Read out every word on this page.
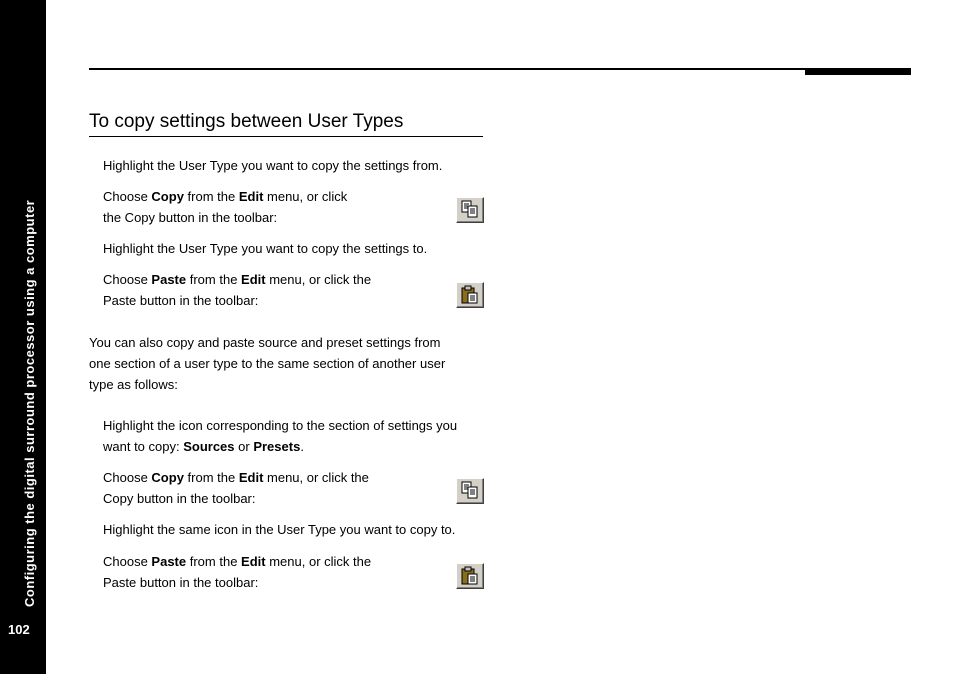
Configuring the digital surround processor using a computer
102
To copy settings between User Types
Highlight the User Type you want to copy the settings from.
Choose Copy from the Edit menu, or click
the Copy button in the toolbar:
Highlight the User Type you want to copy the settings to.
Choose Paste from the Edit menu, or click the
Paste button in the toolbar:
You can also copy and paste source and preset settings from
one section of a user type to the same section of another user
type as follows:
Highlight the icon corresponding to the section of settings you
want to copy: Sources or Presets.
Choose Copy from the Edit menu, or click the
Copy button in the toolbar:
Highlight the same icon in the User Type you want to copy to.
Choose Paste from the Edit menu, or click the
Paste button in the toolbar:
